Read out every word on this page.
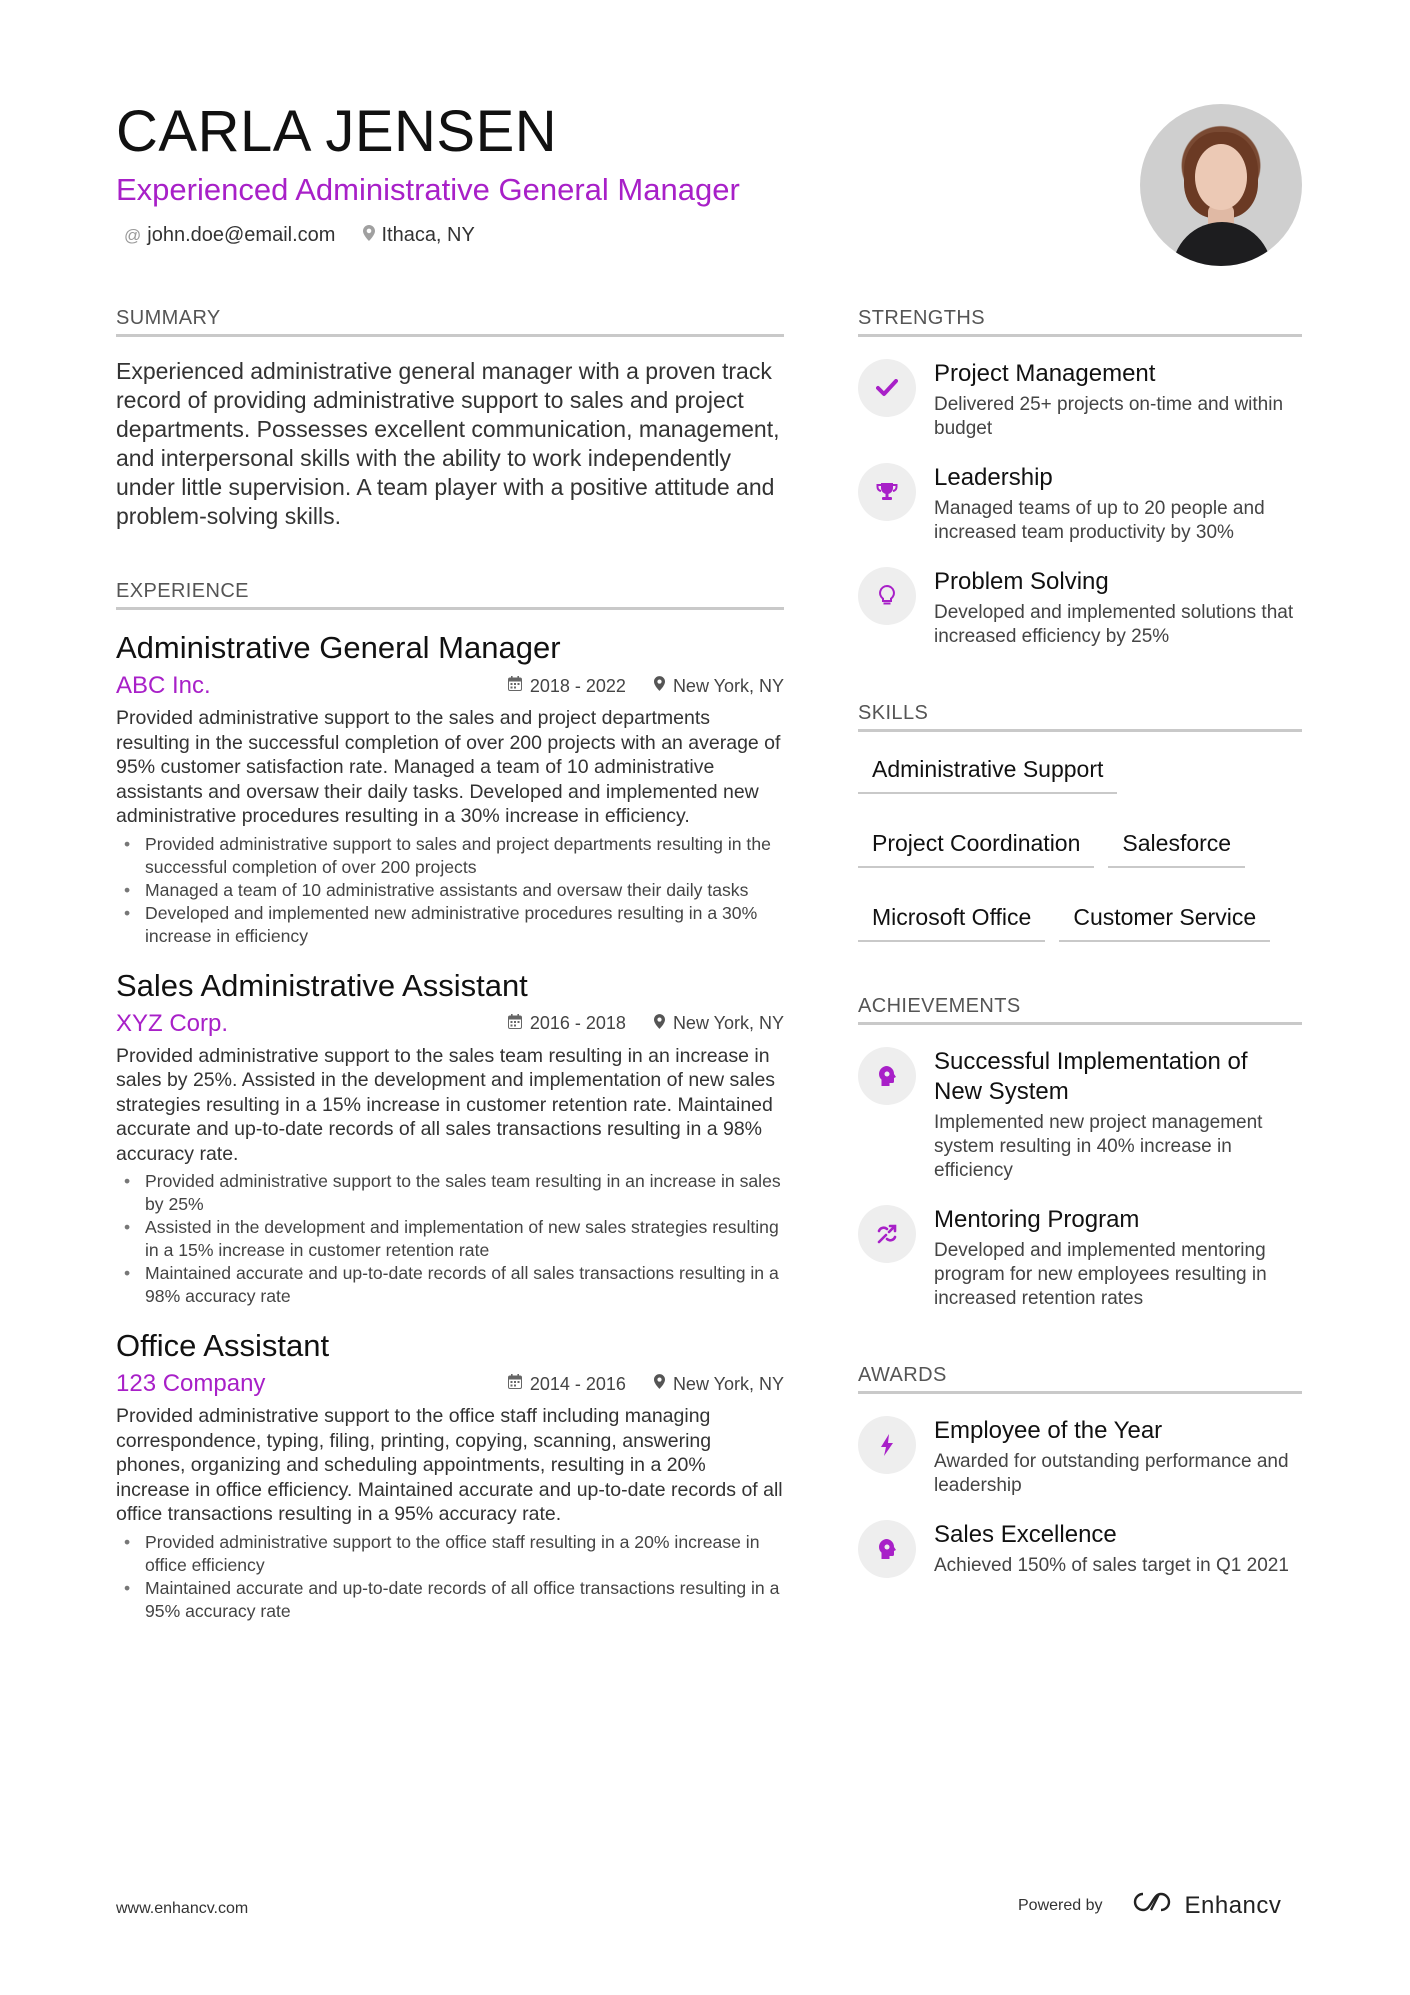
CARLA JENSEN
Experienced Administrative General Manager
@ john.doe@email.com Ithaca, NY
SUMMARY
Experienced administrative general manager with a proven track record of providing administrative support to sales and project departments. Possesses excellent communication, management, and interpersonal skills with the ability to work independently under little supervision. A team player with a positive attitude and problem-solving skills.
EXPERIENCE
Administrative General Manager
ABC Inc.	2018 - 2022	New York, NY
Provided administrative support to the sales and project departments resulting in the successful completion of over 200 projects with an average of 95% customer satisfaction rate. Managed a team of 10 administrative assistants and oversaw their daily tasks. Developed and implemented new administrative procedures resulting in a 30% increase in efficiency.
• Provided administrative support to sales and project departments resulting in the successful completion of over 200 projects
• Managed a team of 10 administrative assistants and oversaw their daily tasks
• Developed and implemented new administrative procedures resulting in a 30% increase in efficiency
Sales Administrative Assistant
XYZ Corp.	2016 - 2018	New York, NY
Provided administrative support to the sales team resulting in an increase in sales by 25%. Assisted in the development and implementation of new sales strategies resulting in a 15% increase in customer retention rate. Maintained accurate and up-to-date records of all sales transactions resulting in a 98% accuracy rate.
• Provided administrative support to the sales team resulting in an increase in sales by 25%
• Assisted in the development and implementation of new sales strategies resulting in a 15% increase in customer retention rate
• Maintained accurate and up-to-date records of all sales transactions resulting in a 98% accuracy rate
Office Assistant
123 Company	2014 - 2016	New York, NY
Provided administrative support to the office staff including managing correspondence, typing, filing, printing, copying, scanning, answering phones, organizing and scheduling appointments, resulting in a 20% increase in office efficiency. Maintained accurate and up-to-date records of all office transactions resulting in a 95% accuracy rate.
• Provided administrative support to the office staff resulting in a 20% increase in office efficiency
• Maintained accurate and up-to-date records of all office transactions resulting in a 95% accuracy rate
STRENGTHS
Project Management
Delivered 25+ projects on-time and within budget
Leadership
Managed teams of up to 20 people and increased team productivity by 30%
Problem Solving
Developed and implemented solutions that increased efficiency by 25%
SKILLS
Administrative Support
Project Coordination	Salesforce
Microsoft Office	Customer Service
ACHIEVEMENTS
Successful Implementation of New System
Implemented new project management system resulting in 40% increase in efficiency
Mentoring Program
Developed and implemented mentoring program for new employees resulting in increased retention rates
AWARDS
Employee of the Year
Awarded for outstanding performance and leadership
Sales Excellence
Achieved 150% of sales target in Q1 2021
www.enhancv.com	Powered by	Enhancv
